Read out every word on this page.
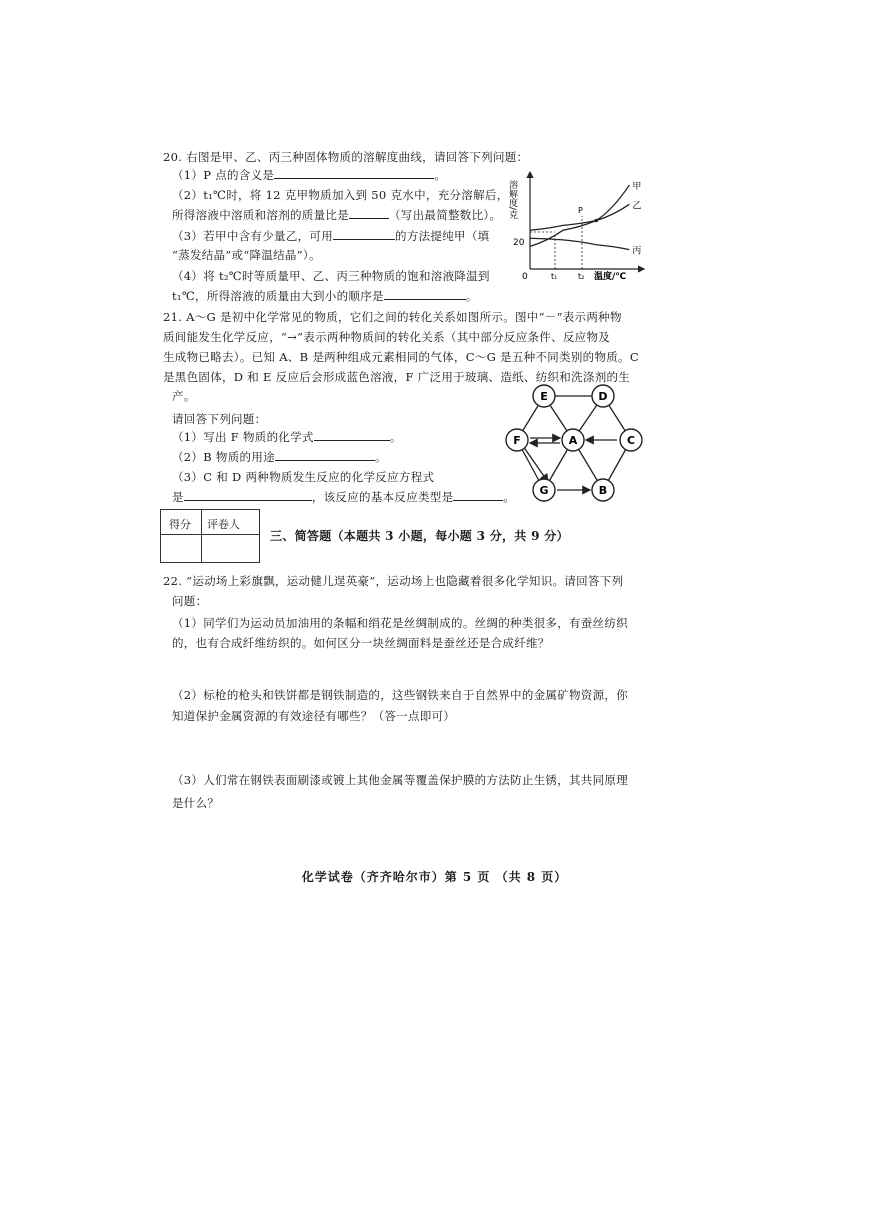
20. 右图是甲、乙、丙三种固体物质的溶解度曲线，请回答下列问题：
（1）P 点的含义是	。
（2）t₁℃时，将 12 克甲物质加入到 50 克水中，充分溶解后，
所得溶液中溶质和溶剂的质量比是	（写出最简整数比）。
（3）若甲中含有少量乙，可用	的方法提纯甲（填
“蒸发结晶”或“降温结晶”）。
（4）将 t₂℃时等质量甲、乙、丙三种物质的饱和溶液降温到
t₁℃，所得溶液的质量由大到小的顺序是	。
溶解度/克
0
20
甲
乙
丙
t₁	t₂ 温度/℃
P
21. A～G 是初中化学常见的物质，它们之间的转化关系如图所示。图中“－”表示两种物
质间能发生化学反应，“→”表示两种物质间的转化关系（其中部分反应条件、反应物及
生成物已略去）。已知 A、B 是两种组成元素相同的气体，C～G 是五种不同类别的物质。C
是黑色固体，D 和 E 反应后会形成蓝色溶液，F 广泛用于玻璃、造纸、纺织和洗涤剂的生
产。
请回答下列问题：
（1）写出 F 物质的化学式	。
（2）B 物质的用途	。
（3）C 和 D 两种物质发生反应的化学反应方程式
是	，该反应的基本反应类型是	。
E	D
F	A	C
G	B
得分 评卷人
三、简答题（本题共 3 小题，每小题 3 分，共 9 分）
22. “运动场上彩旗飘，运动健儿逞英豪”，运动场上也隐藏着很多化学知识。请回答下列
问题：
（1）同学们为运动员加油用的条幅和绢花是丝绸制成的。丝绸的种类很多，有蚕丝纺织
的，也有合成纤维纺织的。如何区分一块丝绸面料是蚕丝还是合成纤维？
（2）标枪的枪头和铁饼都是钢铁制造的，这些钢铁来自于自然界中的金属矿物资源，你
知道保护金属资源的有效途径有哪些？（答一点即可）
（3）人们常在钢铁表面刷漆或镀上其他金属等覆盖保护膜的方法防止生锈，其共同原理
是什么？
化学试卷（齐齐哈尔市）第 5 页 （共 8 页）
